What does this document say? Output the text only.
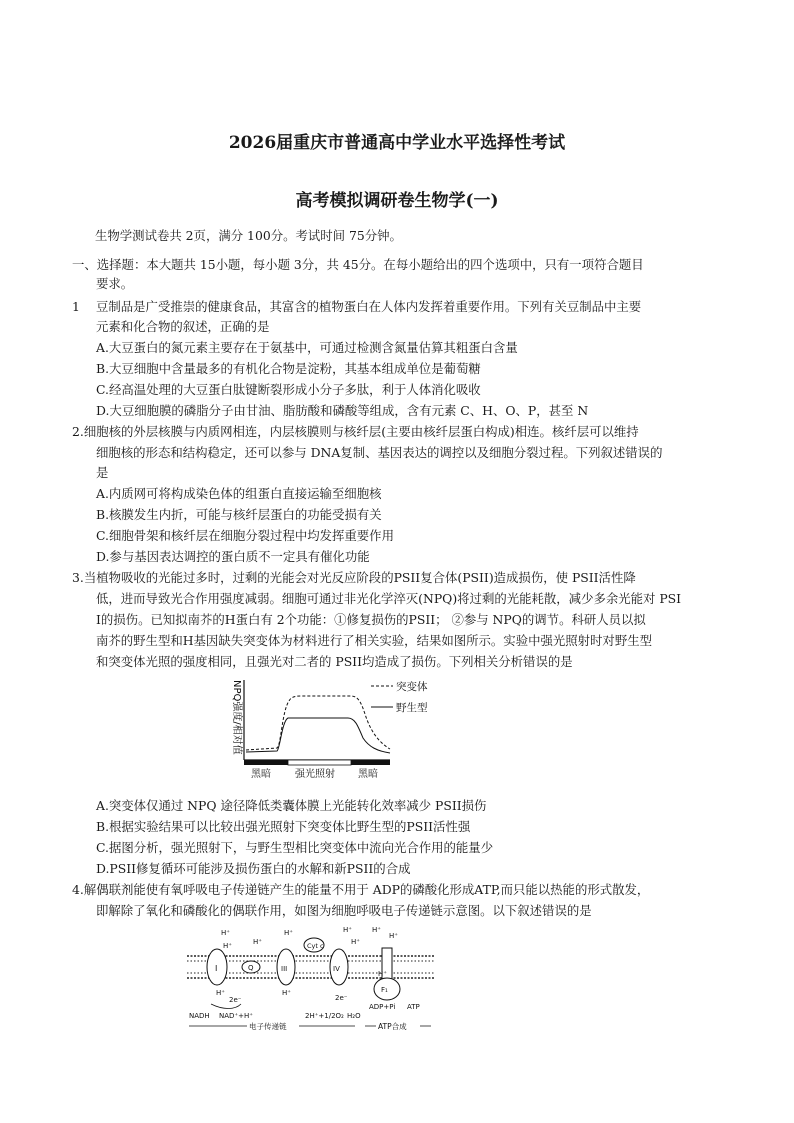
2026届重庆市普通高中学业水平选择性考试
高考模拟调研卷生物学(一)
生物学测试卷共 2页，满分 100分。考试时间 75分钟。
一、选择题：本大题共 15小题，每小题 3分，共 45分。在每小题给出的四个选项中，只有一项符合题目
要求。
1 豆制品是广受推崇的健康食品，其富含的植物蛋白在人体内发挥着重要作用。下列有关豆制品中主要
元素和化合物的叙述，正确的是
A.大豆蛋白的氮元素主要存在于氨基中，可通过检测含氮量估算其粗蛋白含量
B.大豆细胞中含量最多的有机化合物是淀粉，其基本组成单位是葡萄糖
C.经高温处理的大豆蛋白肽键断裂形成小分子多肽，利于人体消化吸收
D.大豆细胞膜的磷脂分子由甘油、脂肪酸和磷酸等组成，含有元素 C、H、O、P，甚至 N
2.细胞核的外层核膜与内质网相连，内层核膜则与核纤层(主要由核纤层蛋白构成)相连。核纤层可以维持
细胞核的形态和结构稳定，还可以参与 DNA复制、基因表达的调控以及细胞分裂过程。下列叙述错误的
是
A.内质网可将构成染色体的组蛋白直接运输至细胞核
B.核膜发生内折，可能与核纤层蛋白的功能受损有关
C.细胞骨架和核纤层在细胞分裂过程中均发挥重要作用
D.参与基因表达调控的蛋白质不一定具有催化功能
3.当植物吸收的光能过多时，过剩的光能会对光反应阶段的PSII复合体(PSII)造成损伤，使 PSII活性降
低，进而导致光合作用强度减弱。细胞可通过非光化学淬灭(NPQ)将过剩的光能耗散，减少多余光能对 PSI
I的损伤。已知拟南芥的H蛋白有 2个功能：①修复损伤的PSII； ②参与 NPQ的调节。科研人员以拟
南芥的野生型和H基因缺失突变体为材料进行了相关实验，结果如图所示。实验中强光照射时对野生型
和突变体光照的强度相同，且强光对二者的 PSII均造成了损伤。下列相关分析错误的是
NPQ强度/相对值	突变体
野生型
黑暗 强光照射 黑暗
A.突变体仅通过 NPQ 途径降低类囊体膜上光能转化效率减少 PSII损伤
B.根据实验结果可以比较出强光照射下突变体比野生型的PSII活性强
C.据图分析，强光照射下，与野生型相比突变体中流向光合作用的能量少
D.PSII修复循环可能涉及损伤蛋白的水解和新PSII的合成
4.解偶联剂能使有氧呼吸电子传递链产生的能量不用于 ADP的磷酸化形成ATP,而只能以热能的形式散发，
即解除了氧化和磷酸化的偶联作用，如图为细胞呼吸电子传递链示意图。以下叙述错误的是
I	Q	III
Cyt c
IV
F₁
H⁺
H⁺	H⁺
H⁺	H⁺
H⁺
H⁺
H⁺
H⁺	H⁺
H⁺
2e⁻	2e⁻
NADH NAD⁺+H⁺	2H⁺+1/2O₂ H₂O
ADP+Pi ATP
电子传递链	ATP合成
